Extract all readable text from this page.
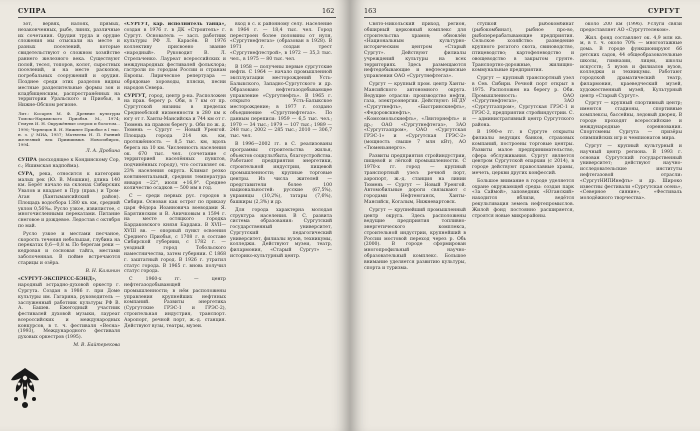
СУПРА	162

зот, вервях, налоях, прямых, незаконченных, рыбе, линях, различные их сочетания. Орудия труда и орудие сложения мы отыскали на месте и разных поселений, которые свидетельствуют о сложном хозяйстве раннего железного века. Существуют полой, тесел, топоров, колот, сыростных поселений, и на месте раскопов, погребальных сооружений и орудия. Позднее среди этих разделов видны местные разделительные формы зон и кладбищенским, распространённых на территории Уральского и Приобья, в Нижне-Обском регионе.

Лит.: Косарев М. Ф. Древние культуры Томско-Нарымского Приобья. М., 1974; Гемуев И. Н. Окружённые озером и болотом... 1990; Чернецов В. Н. Нижнее Приобье в I тыс. н. э. // МИА, 1957; Матвеева Н. П. Ранний железный век Приишимья. Новосибирск, 1994.

Л. А. Дробина

СУПРА (восходящее к Кондинскому Сор, с.; Ишимская надпойма).

СУРА, река, относится к категории малых рек (Ю. В. Мошкин), длина 140 км. Берёт начало на склонах Сибирских Увалов и впадает в Пур (прав.) и Тром-Аган (Хантымансийский район). Площадь водосбора 1380 кв. км, средний уклон 0,56‰. Русло узкое, извилистое, с многочисленными перекатами. Питание снеговое и дождевое. Ледостав с октября по май.

Русло узкое и местами песчаное, скорость течения небольшая, глубина на перекатах 0,6—0,8 м. По берегам реки — кедровая и сосновая тайга, местами заболоченная. В пойме встречаются старицы и озёра.

В. Н. Калинин

«СУРГУТ-ЭКСПРЕСС-БЭНД», народный эстрадно-духовой оркестр г. Сургута. Создан в 1986 г. при Доме культуры им. Гагарина, руководитель — заслуженный работник культуры РФ В. А. Башев. Ежегодный участник фестивалей духовой музыки, лауреат всероссийских и международных конкурсов, в т. ч. фестиваля «Весна» (1993), Международного фестиваля духовых оркестров (1995).

М. В. Байтерекова

«СУРГУТ, кар. исполнитель танца», создан в 1976 г. в ДК «Строитель» г. Сургут. Основатель — засл. работник культуры РФ Л. Карасёв. В 1976 коллективу присвоено звание «народный». Руководит В. Л. Стрельченко. Лауреат всероссийских и международных фестивалей фольклора; гастроли по городам России и странам Европы. Лирическое репертуара — обрядовые хороводы, пляски, песни народов Севера.

СУРГУТ, город, центр р-на. Расположен на прав. берегу р. Оби, в 7 км от пр. Сургутской низины в пределах Среднеобской низменности в 280 км к югу от г. Ханты-Мансийска и 744 км от г. Тюмень на правом берегу р. Оби по ж. д. Тюмень — Сургут — Новый Уренгой. Площадь города 214 кв. км, протяжённость — 8,5 тыс. км, вдоль берега на 10 км. Численность населения ок. 670 тыс. чел. (сочетание с территорией населённых пунктов, подчинённых городу), что составляет ок. 23% населения округа. Климат резко континентальный, средняя температура января −22°, июля +16,9°. Среднее количество осадков — 500 мм в год.

С — среди первых рус. городов в Сибири. Основан как острог по приказу царя Фёдора Иоанновича воеводами Я. Барятинским и В. Аничковым в 1594 г. на месте остяцкого городка Бардаковского князя Бардака. В XVII—XVIII вв. — опорный пункт освоения Среднего Приобья, с 1708 г. в составе Сибирской губернии, с 1782 г. — уездный город Тобольского наместничества, затем губернии. С 1868 г. заштатный город. В 1926 г. утратил статус города. В 1965 г. вновь получил статус города.

С 1960-х гг. — центр нефтегазодобывающей промышленности; в нём расположены управления крупнейших нефтяных компаний. Развиты энергетика (Сургутские ГРЭС-1 и ГРЭС-2), строительная индустрия, транспорт. Аэропорт, речной порт, ж.-д. станция. Действуют вузы, театры, музеи.

вход в с. к районному селу. Население в 1964 г. — 18,4 тыс. чел. Город перестроен более половины от нуля, «Сургутнефтегаз» (образован в 1928). В 1971 г. создан трест «Сургутнефтестрой», в 1972 — 35,3 тыс. чел., в 1975 — 80 тыс. чел.

В 1958 — получены первые сургутские нефти. С 1964 — начало промышленной эксплуатации месторождений Усть-Балыкского, Западно-Сургутского и др. Образовано нефтегазодобывающее управление «Сургутнефть». В 1965 г. открыто Усть-Балыкское месторождение; в 1977 г. создано объединение «Сургутнефтегаз». По данным переписи: 1959 — 6,5 тыс. чел.; 1970 — 34 тыс.; 1979 — 107 тыс.; 1989 — 248 тыс.; 2002 — 285 тыс.; 2010 — 306,7 тыс. чел.

В 1996—2002 гг. в С. реализованы программы строительства жилья, объектов соцкультбыта, благоустройства. Работают предприятия энергетики, строительной индустрии, пищевой промышленности; крупные торговые центры. Из числа жителей — представители более 100 национальностей: русские (67,5%), украинцы (10,2%), татары (7,6%), башкиры (2,3%) и др.

Для города характерна молодая структура населения. В С. развита система образования: Сургутский государственный университет, Сургутский педагогический университет, филиалы вузов, техникумы, колледжи. Действуют музеи, театр, филармония, «Старый Сургут» — историко-культурный центр.

163	СУРГУТ

Свято-Никольский приход, регион, обширный церковный комплекс для строительства храмов; обновлён «Национальным культурно-историческим центром «Старый Сургут». Действуют филиалы учреждений культуры на всех территориях. Здесь размещаются нефтедобывающие и нефтесервисные управления ОАО «Сургутнефтегаз».

Сургут — крупный пром. центр Ханты-Мансийского автономного округа. Ведущие отрасли: производство нефти, газа, электроэнергии. Действуют: НГДУ «Сургутнефть», «Быстринскнефть», «Федоровскнефть», «Комсомольскнефть», «Лянторнефть» и др.; ОАО «Сургутнефтегаз», ЗАО «Сургутгазпром», ОАО «Сургутская ГРЭС-1» и «Сургутская ГРЭС-2» (мощность свыше 7 млн кВт), АО «Тюменьэнерго».

Развиты предприятия стройиндустрии, пищевой и лёгкой промышленности. С 1970-х гг. город — крупный транспортный узел: речной порт, аэропорт, ж.-д. станция на линии Тюмень — Сургут — Новый Уренгой. Автомобильные дороги связывают с городами Нефтеюганск, Ханты-Мансийск, Когалым, Нижневартовск.

Сургут — крупнейший промышленный центр округа. Здесь расположены ведущие предприятия топливно-энергетического комплекса, строительной индустрии, крупнейший в России мостовой переход через р. Обь (2000). В городе сформирован многопрофильный научно-образовательный комплекс. Большое внимание уделяется развитию культуры, спорта и туризма.

ступкой рыбокомбинат (рыбокомбинат), рыбное про-во, рыбоперерабатывающие предприятия. Сельское хозяйство: разведение крупного рогатого скота, свиноводство, птицеводство; картофелеводство и овощеводство в закрытом грунте. Транспортно-дорожные, жилищно-коммунальные предприятия.

Сургут — крупный транспортный узел в Сев. Сибири. Речной порт открыт в 1975. Расположен на берегу р. Оби. Промышленность: ОАО «Сургутнефтегаз», ЗАО «Сургутгазпром», Сургутская ГРЭС-1 и ГРЭС-2, предприятия стройиндустрии. С. — административный центр Сургутского района.

В 1990-е гг. в Сургуте открыты филиалы ведущих банков, страховых компаний, построены торговые центры. Развиты малое предпринимательство, сфера обслуживания. Сургут является центром Сургутской епархии (с 2014), в городе действуют православные храмы, мечеть, церкви других конфессий.

Большое внимание в городе уделяется охране окружающей среды: создан парк «За Саймой», заповедник «Юганский» находится вблизи, ведётся рекультивация земель нефтепромыслов. Жилой фонд постоянно расширяется, строятся новые микрорайоны.

около 200 км (1996). Услуги связи предоставляет АО «Сургуттелеком».

Жил. фонд составляет ок. 4,9 млн кв. м, в т. ч. около 70% — многоэтажные дома. В городе функционируют 66 детских садов, 44 общеобразовательные школы, гимназии, лицеи, школы искусств; 5 вузов и филиалов вузов, колледжи и техникумы. Работают городской драматический театр, филармония, краеведческий музей, художественный музей, Культурный центр «Старый Сургут».

Сургут — крупный спортивный центр; имеются стадионы, спортивные комплексы, бассейны, ледовый дворец. В городе проходят всероссийские и международные соревнования. Спортсмены Сургута — призёры олимпийских игр и чемпионатов мира.

Сургут — крупный культурный и научный центр региона. В 1993 г. основан Сургутский государственный университет; действуют научно-исследовательские институты нефтегазовой отрасли: «СургутНИПИнефть» и др. Широко известны фестивали «Сургутская осень», «Северное сияние», «Фестиваль молодёжного творчества».
